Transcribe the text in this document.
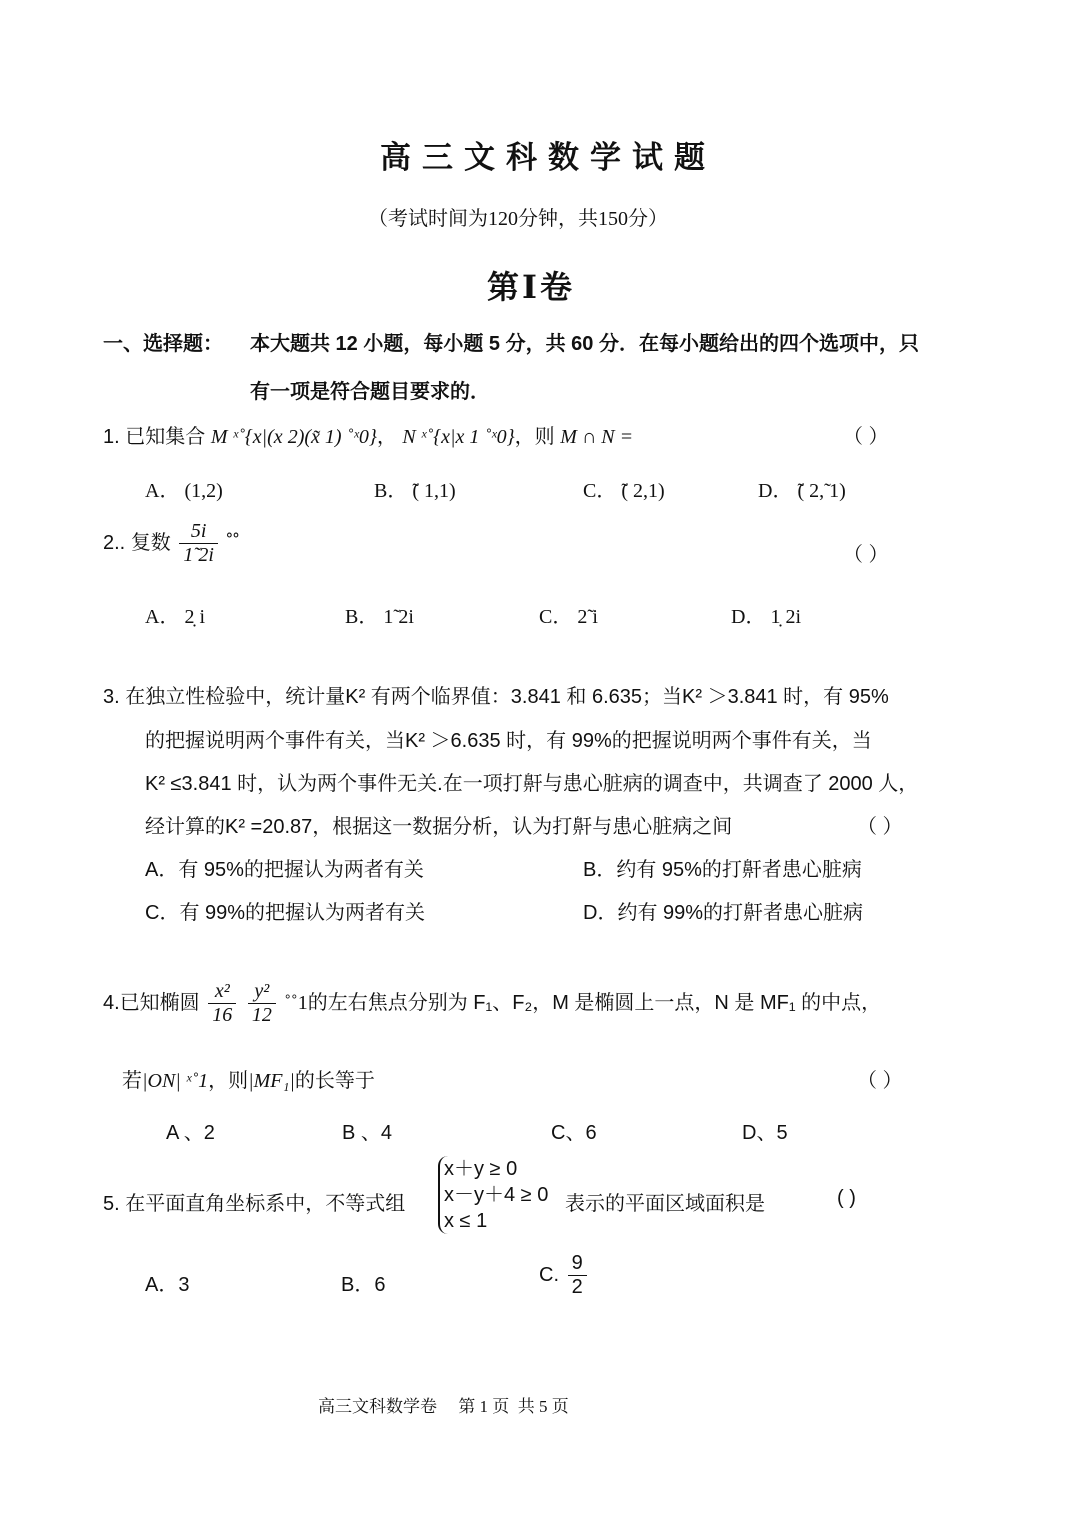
高三文科数学试题
（考试时间为120分钟，共150分）
第Ⅰ卷
一、选择题： 本大题共 12 小题，每小题 5 分，共 60 分．在每小题给出的四个选项中，只
有一项是符合题目要求的．
1. 已知集合 M ˣ˚{x|(x 2)(x̃ 1) ˚ˣ0}， N ˣ˚{x|x 1 ˚ˣ0}，则 M ∩ N =	（ ）
A． (1,2)	B． ̃( 1,1)	C． ̃( 2,1)	D． ̃( 2,̃ 1)
2.. 复数 $\frac{5i}{1̃ 2i}$ ˚˚
（ ）
A． 2̣ i	B． 1̃ 2i	C． 2̃ i	D． 1̣ 2i
3. 在独立性检验中，统计量K² 有两个临界值：3.841 和 6.635；当K² ＞3.841 时，有 95%
的把握说明两个事件有关，当K² ＞6.635 时，有 99%的把握说明两个事件有关，当
K² ≤3.841 时，认为两个事件无关.在一项打鼾与患心脏病的调查中，共调查了 2000 人，
经计算的K² =20.87，根据这一数据分析，认为打鼾与患心脏病之间	（ ）
A．有 95%的把握认为两者有关	B．约有 95%的打鼾者患心脏病
C．有 99%的把握认为两者有关	D．约有 99%的打鼾者患心脏病
4.已知椭圆 $\frac{\text{x²}}{16}$
$\frac{\text{y²}}{12}$ ˚˚1的左右焦点分别为 F₁、F₂，M 是椭圆上一点，N 是 MF₁ 的中点，
若|ON| ˣ˚1，则|MF₁|的长等于	（ ）
A 、2	B 、4	C、6	D、5
5. 在平面直角坐标系中，不等式组
x＋y ≥ 0
x－y＋4 ≥ 0
x ≤ 1
表示的平面区域面积是	( )
A．3	B．6	C. $\frac{9}{2}$
高三文科数学卷     第 1 页  共 5 页
